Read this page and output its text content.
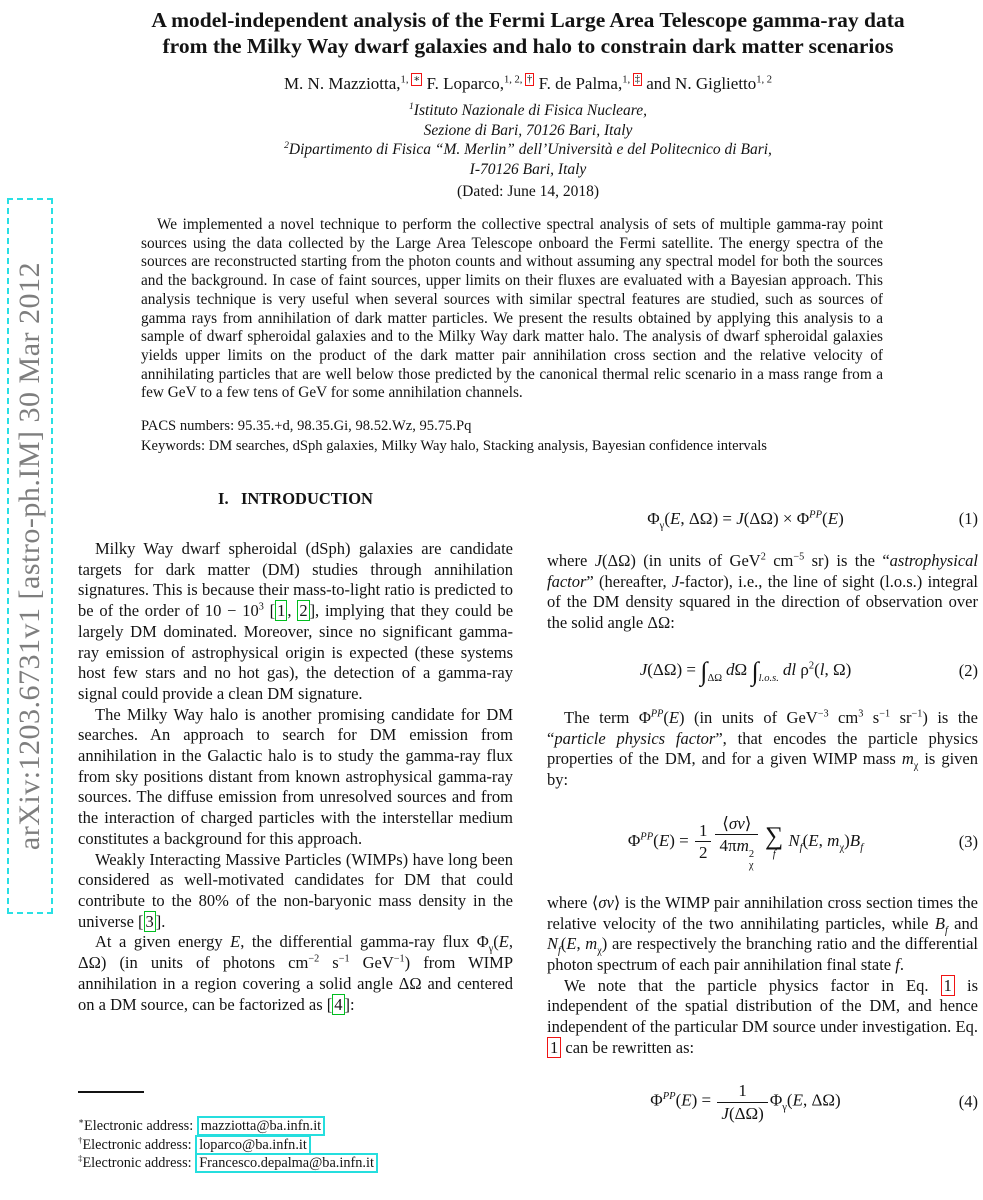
arXiv:1203.6731v1 [astro-ph.IM] 30 Mar 2012
A model-independent analysis of the Fermi Large Area Telescope gamma-ray data
from the Milky Way dwarf galaxies and halo to constrain dark matter scenarios
M. N. Mazziotta,$^{1, ∗}$ F. Loparco,$^{1, 2, \dagger}$ F. de Palma,$^{1, \ddagger}$ and N. Giglietto$^{1, 2}$
$^1$Istituto Nazionale di Fisica Nucleare,
Sezione di Bari, 70126 Bari, Italy
$^2$Dipartimento di Fisica “M. Merlin” dell’Università e del Politecnico di Bari,
I-70126 Bari, Italy
(Dated: June 14, 2018)
We implemented a novel technique to perform the collective spectral analysis of sets of multiple gamma-ray point sources using the data collected by the Large Area Telescope onboard the Fermi satellite. The energy spectra of the sources are reconstructed starting from the photon counts and without assuming any spectral model for both the sources and the background. In case of faint sources, upper limits on their fluxes are evaluated with a Bayesian approach. This analysis technique is very useful when several sources with similar spectral features are studied, such as sources of gamma rays from annihilation of dark matter particles. We present the results obtained by applying this analysis to a sample of dwarf spheroidal galaxies and to the Milky Way dark matter halo. The analysis of dwarf spheroidal galaxies yields upper limits on the product of the dark matter pair annihilation cross section and the relative velocity of annihilating particles that are well below those predicted by the canonical thermal relic scenario in a mass range from a few GeV to a few tens of GeV for some annihilation channels.
PACS numbers: 95.35.+d, 98.35.Gi, 98.52.Wz, 95.75.Pq
Keywords: DM searches, dSph galaxies, Milky Way halo, Stacking analysis, Bayesian confidence intervals
I.   INTRODUCTION

Milky Way dwarf spheroidal (dSph) galaxies are candidate targets for dark matter (DM) studies through annihilation signatures. This is because their mass-to-light ratio is predicted to be of the order of $10 - 10^3$ [ 1 , 2 ], implying that they could be largely DM dominated. Moreover, since no significant gamma-ray emission of astrophysical origin is expected (these systems host few stars and no hot gas), the detection of a gamma-ray signal could provide a clean DM signature.

The Milky Way halo is another promising candidate for DM searches. An approach to search for DM emission from annihilation in the Galactic halo is to study the gamma-ray flux from sky positions distant from known astrophysical gamma-ray sources. The diffuse emission from unresolved sources and from the interaction of charged particles with the interstellar medium constitutes a background for this approach.

Weakly Interacting Massive Particles (WIMPs) have long been considered as well-motivated candidates for DM that could contribute to the 80% of the non-baryonic mass density in the universe [ 3 ].

At a given energy E, the differential gamma-ray flux $\Phi_\gamma(E$, ΔΩ) (in units of photons $cm^{-2}$ $s^{-1}$ GeV$^{-1}$) from WIMP annihilation in a region covering a solid angle ΔΩ and centered on a DM source, can be factorized as [ 4 ]:

∗Electronic address: mazziotta@ba.infn.it
†Electronic address: loparco@ba.infn.it
‡Electronic address: Francesco.depalma@ba.infn.it
$\Phi_\gamma(E$, $\Delta\Omega) = J(\Delta\Omega) \times \Phi^{PP}(E)$	(1)

where J(ΔΩ) (in units of GeV$^2$ $cm^{-5}$ sr) is the “astrophysical factor” (hereafter, J-factor), i.e., the line of sight (l.o.s.) integral of the DM density squared in the direction of observation over the solid angle ΔΩ:

$J(\Delta\Omega) = \int_{\Delta\Omega}$ dΩ $\int_{l.o.s.}$ dl $\rho^2(l$, Ω)	(2)

The term $\Phi^{PP}(E)$ (in units of GeV$^{-3}$ $cm^3$ $s^{-1}$ $sr^{-1}$) is the “particle physics factor”, that encodes the particle physics properties of the DM, and for a given WIMP mass $m_\chi$ is given by:

$\Phi^{PP}(E) = \frac{1}{2}$ ⟨σv⟩
4πm 2
χ ∑
f
$N_f(E$, $m_\chi)B_f$	(3)

where ⟨σv⟩ is the WIMP pair annihilation cross section times the relative velocity of the two annihilating particles, while $B_f$ and $N_f(E$, $m_\chi$) are respectively the branching ratio and the differential photon spectrum of each pair annihilation final state f.

We note that the particle physics factor in Eq. 1 is independent of the spatial distribution of the DM, and hence independent of the particular DM source under investigation. Eq. 1 can be rewritten as:

$\Phi^{PP}(E) = \frac{1}{J(\Delta\Omega)} \Phi_\gamma(E$, ΔΩ)	(4)
